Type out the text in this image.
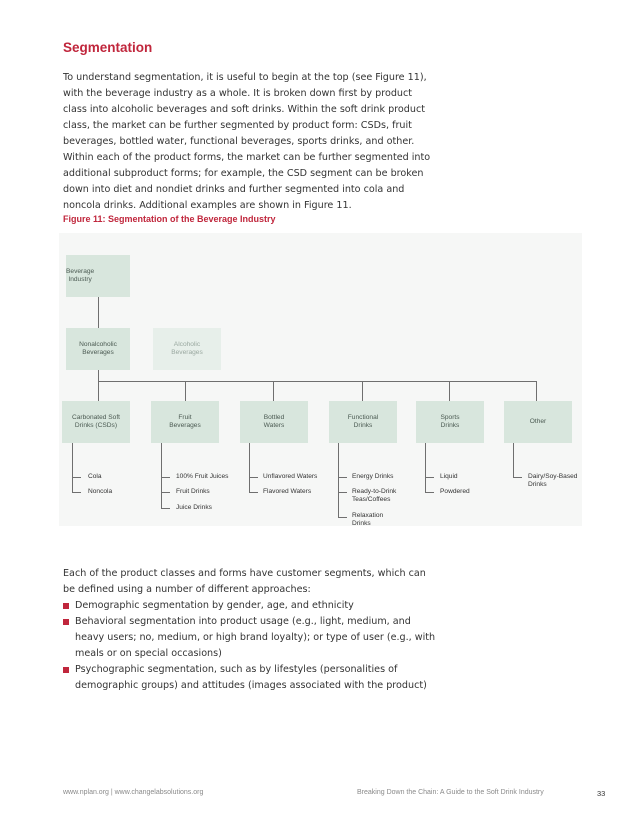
Segmentation

To understand segmentation, it is useful to begin at the top (see Figure 11),
with the beverage industry as a whole. It is broken down first by product
class into alcoholic beverages and soft drinks. Within the soft drink product
class, the market can be further segmented by product form: CSDs, fruit
beverages, bottled water, functional beverages, sports drinks, and other.
Within each of the product forms, the market can be further segmented into
additional subproduct forms; for example, the CSD segment can be broken
down into diet and nondiet drinks and further segmented into cola and
noncola drinks. Additional examples are shown in Figure 11.

Figure 11: Segmentation of the Beverage Industry

Beverage
Industry
Nonalcoholic
Beverages
Alcoholic
Beverages
Carbonated Soft
Drinks (CSDs)
Fruit
Beverages
Bottled
Waters
Functional
Drinks
Sports
Drinks
Other
Cola
Noncola
100% Fruit Juices
Fruit Drinks
Juice Drinks
Unflavored Waters
Flavored Waters
Energy Drinks
Ready-to-Drink
Teas/Coffees
Relaxation
Drinks
Liquid
Powdered
Dairy/Soy-Based
Drinks

Each of the product classes and forms have customer segments, which can
be defined using a number of different approaches:

Demographic segmentation by gender, age, and ethnicity
Behavioral segmentation into product usage (e.g., light, medium, and
heavy users; no, medium, or high brand loyalty); or type of user (e.g., with
meals or on special occasions)
Psychographic segmentation, such as by lifestyles (personalities of
demographic groups) and attitudes (images associated with the product)
www.nplan.org | www.changelabsolutions.org	Breaking Down the Chain: A Guide to the Soft Drink Industry	33
